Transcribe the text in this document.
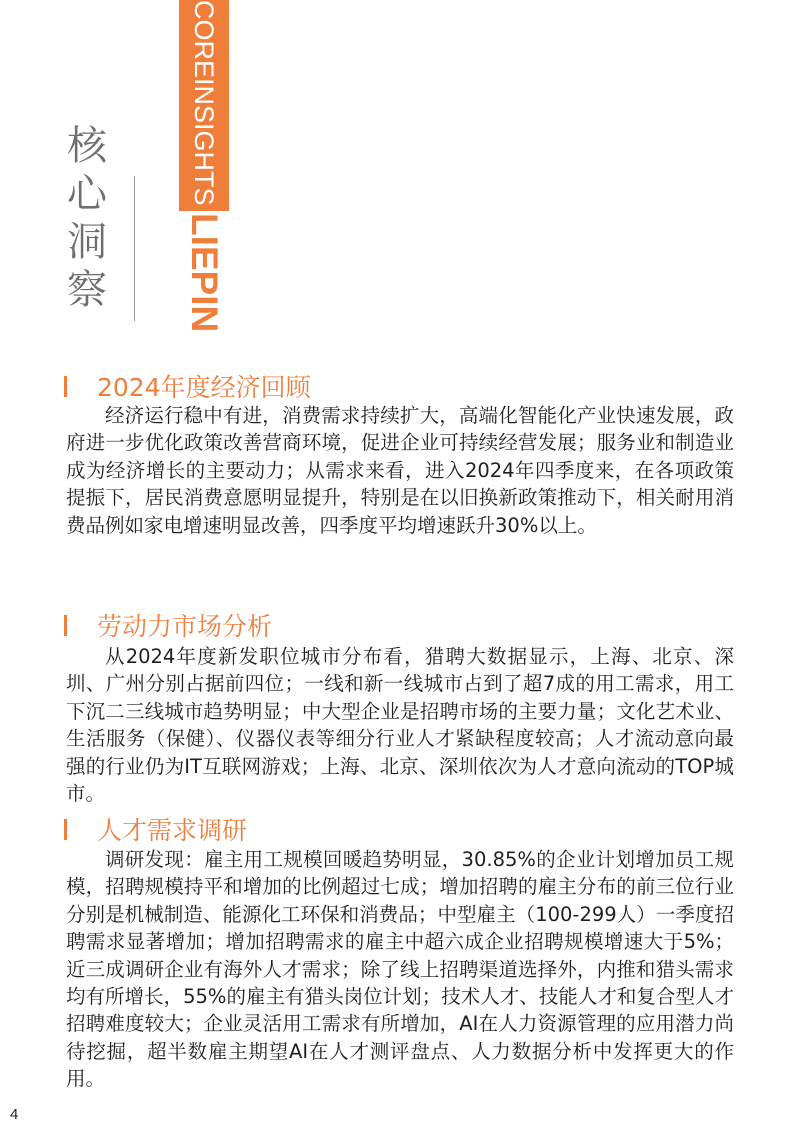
核
心
洞
察
COREINSIGHTS
LIEPIN
2024年度经济回顾

经济运行稳中有进，消费需求持续扩大，高端化智能化产业快速发展，政府进一步优化政策改善营商环境，促进企业可持续经营发展；服务业和制造业成为经济增长的主要动力；从需求来看，进入2024年四季度来，在各项政策提振下，居民消费意愿明显提升，特别是在以旧换新政策推动下，相关耐用消费品例如家电增速明显改善，四季度平均增速跃升30%以上。

劳动力市场分析

从2024年度新发职位城市分布看，猎聘大数据显示，上海、北京、深圳、广州分别占据前四位；一线和新一线城市占到了超7成的用工需求，用工下沉二三线城市趋势明显；中大型企业是招聘市场的主要力量；文化艺术业、生活服务（保健）、仪器仪表等细分行业人才紧缺程度较高；人才流动意向最强的行业仍为IT互联网游戏；上海、北京、深圳依次为人才意向流动的TOP城市。

人才需求调研

调研发现：雇主用工规模回暖趋势明显，30.85%的企业计划增加员工规模，招聘规模持平和增加的比例超过七成；增加招聘的雇主分布的前三位行业分别是机械制造、能源化工环保和消费品；中型雇主（100-299人）一季度招聘需求显著增加；增加招聘需求的雇主中超六成企业招聘规模增速大于5%；近三成调研企业有海外人才需求；除了线上招聘渠道选择外，内推和猎头需求均有所增长，55%的雇主有猎头岗位计划；技术人才、技能人才和复合型人才招聘难度较大；企业灵活用工需求有所增加，AI在人力资源管理的应用潜力尚待挖掘，超半数雇主期望AI在人才测评盘点、人力数据分析中发挥更大的作用。

4
